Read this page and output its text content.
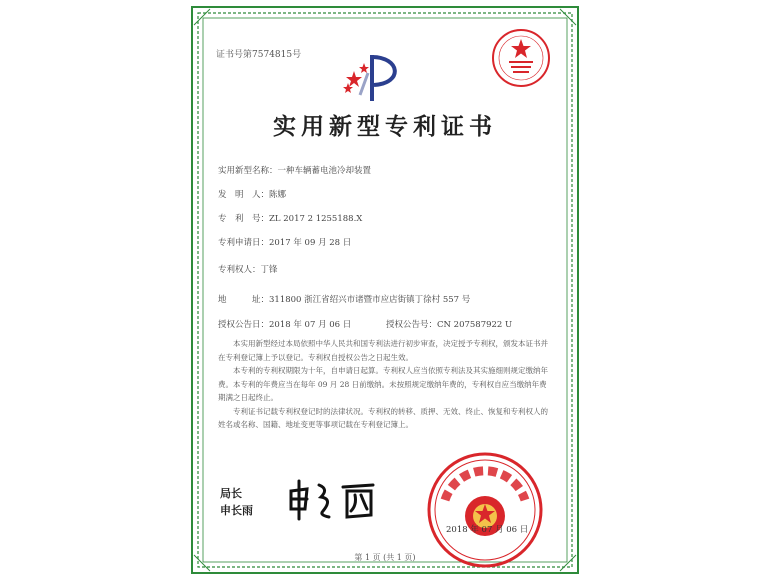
证书号第7574815号
实用新型专利证书
实用新型名称：一种车辆蓄电池冷却装置
发　明　人：陈娜
专　利　号：ZL 2017 2 1255188.X
专利申请日：2017 年 09 月 28 日
专利权人：丁锋
地　　　址：311800 浙江省绍兴市诸暨市应店街镇丁徐村 557 号
授权公告日：2018 年 07 月 06 日	授权公告号：CN 207587922 U

本实用新型经过本局依照中华人民共和国专利法进行初步审查，决定授予专利权，颁发本证书并在专利登记簿上予以登记。专利权自授权公告之日起生效。

本专利的专利权期限为十年，自申请日起算。专利权人应当依照专利法及其实施细则规定缴纳年费。本专利的年费应当在每年 09 月 28 日前缴纳。未按照规定缴纳年费的，专利权自应当缴纳年费期满之日起终止。

专利证书记载专利权登记时的法律状况。专利权的转移、质押、无效、终止、恢复和专利权人的姓名或名称、国籍、地址变更等事项记载在专利登记簿上。

局长
申长雨
2018 年 07 月 06 日
第 1 页 (共 1 页)
